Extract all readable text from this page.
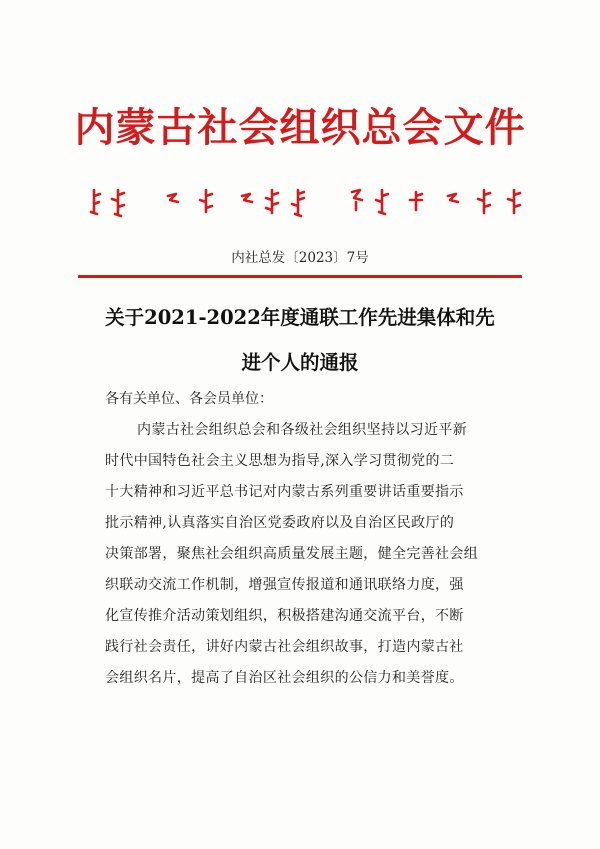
内蒙古社会组织总会文件
内社总发〔2023〕7号
关于2021-2022年度通联工作先进集体和先
进个人的通报
各有关单位、各会员单位：
内蒙古社会组织总会和各级社会组织坚持以习近平新
时代中国特色社会主义思想为指导,深入学习贯彻党的二
十大精神和习近平总书记对内蒙古系列重要讲话重要指示
批示精神,认真落实自治区党委政府以及自治区民政厅的
决策部署，聚焦社会组织高质量发展主题，健全完善社会组
织联动交流工作机制，增强宣传报道和通讯联络力度，强
化宣传推介活动策划组织，积极搭建沟通交流平台，不断
践行社会责任，讲好内蒙古社会组织故事，打造内蒙古社
会组织名片，提高了自治区社会组织的公信力和美誉度。
